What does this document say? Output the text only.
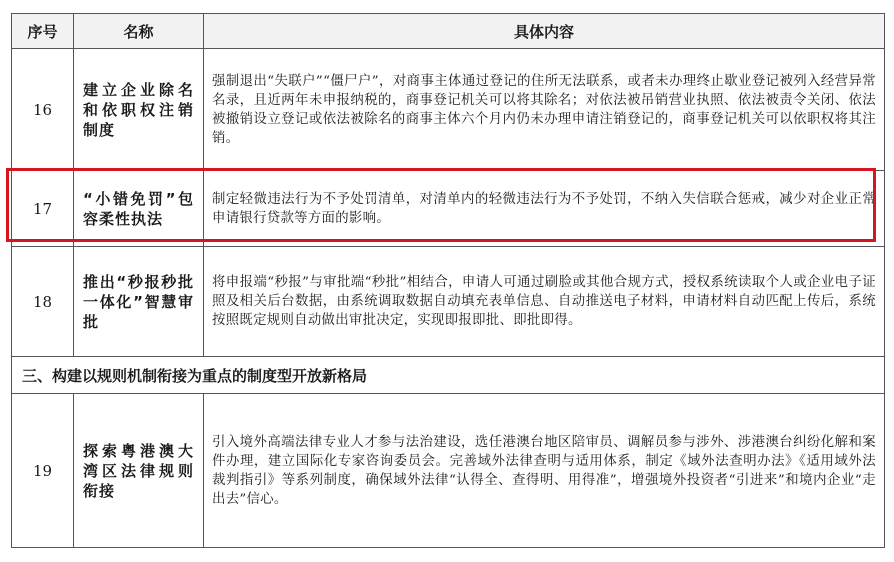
序号	名称	具体内容
16	建立企业除名和依职权注销制度	强制退出“失联户”“僵尸户”，对商事主体通过登记的住所无法联系，或者未办理终止歇业登记被列入经营异常名录，且近两年未申报纳税的，商事登记机关可以将其除名；对依法被吊销营业执照、依法被责令关闭、依法被撤销设立登记或依法被除名的商事主体六个月内仍未办理申请注销登记的，商事登记机关可以依职权将其注销。
17	“小错免罚”包容柔性执法	制定轻微违法行为不予处罚清单，对清单内的轻微违法行为不予处罚，不纳入失信联合惩戒，减少对企业正常申请银行贷款等方面的影响。
18	推出“秒报秒批一体化”智慧审批	将申报端“秒报”与审批端“秒批”相结合，申请人可通过刷脸或其他合规方式，授权系统读取个人或企业电子证照及相关后台数据，由系统调取数据自动填充表单信息、自动推送电子材料，申请材料自动匹配上传后，系统按照既定规则自动做出审批决定，实现即报即批、即批即得。
三、构建以规则机制衔接为重点的制度型开放新格局		
19	探索粤港澳大湾区法律规则衔接	引入境外高端法律专业人才参与法治建设，选任港澳台地区陪审员、调解员参与涉外、涉港澳台纠纷化解和案件办理，建立国际化专家咨询委员会。完善域外法律查明与适用体系，制定《域外法查明办法》《适用域外法裁判指引》等系列制度，确保域外法律“认得全、查得明、用得准”，增强境外投资者“引进来”和境内企业“走出去”信心。
